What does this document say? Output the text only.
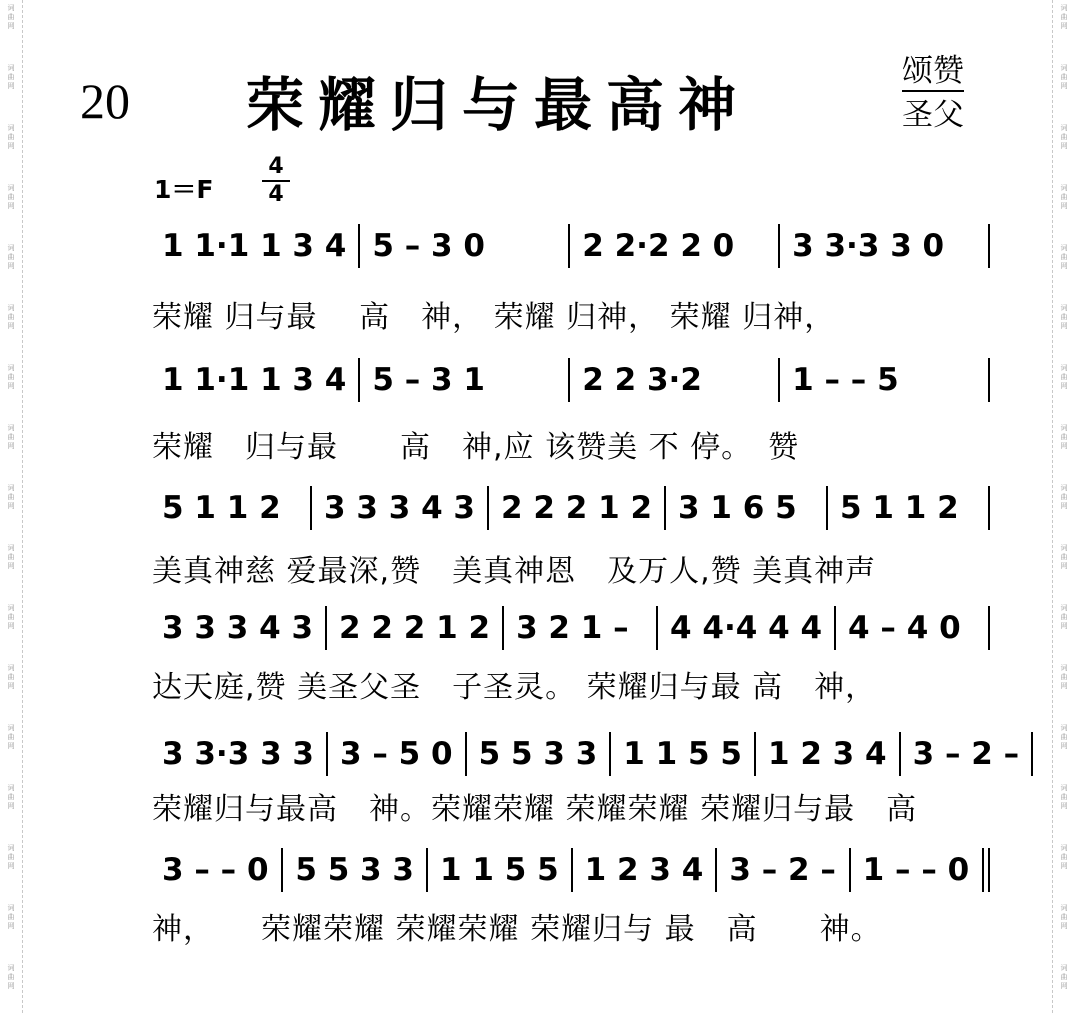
词
曲
网
词
曲
网
词
曲
网
词
曲
网
词
曲
网
词
曲
网
词
曲
网
词
曲
网
词
曲
网
词
曲
网
词
曲
网
词
曲
网
词
曲
网
词
曲
网
词
曲
网
词
曲
网
词
曲
网
词
曲
网
词
曲
网
词
曲
网
词
曲
网
词
曲
网
词
曲
网
词
曲
网
词
曲
网
词
曲
网
词
曲
网
词
曲
网
词
曲
网
词
曲
网
词
曲
网
词
曲
网
词
曲
网
词
曲
网
20 荣耀归与最高神	颂赞
圣父
1＝F
4
4
1 1·1 1 3 4 5 – 3 0	2 2·2 2 0	3 3·3 3 0
荣耀 归与最　 高　神， 荣耀 归神， 荣耀 归神，
1 1·1 1 3 4 5 – 3 1	2 2 3·2	1 – – 5
荣耀　归与最　　高　神,应 该赞美 不 停。　赞
5 1 1 2	3 3 3 4 3 2 2 2 1 2 3 1 6 5	5 1 1 2
美真神慈 爱最深,赞　美真神恩　及万人,赞 美真神声
3 3 3 4 3 2 2 2 1 2 3 2 1 –	4 4·4 4 4 4 – 4 0
达天庭,赞 美圣父圣　子圣灵。 荣耀归与最 高　神，
3 3·3 3 3 3 – 5 0 5 5 3 3 1 1 5 5 1 2 3 4 3 – 2 –
荣耀归与最高　神。荣耀荣耀 荣耀荣耀 荣耀归与最　高
3 – – 0 5 5 3 3 1 1 5 5 1 2 3 4 3 – 2 – 1 – – 0
神，　　荣耀荣耀 荣耀荣耀 荣耀归与 最　高　　神。
